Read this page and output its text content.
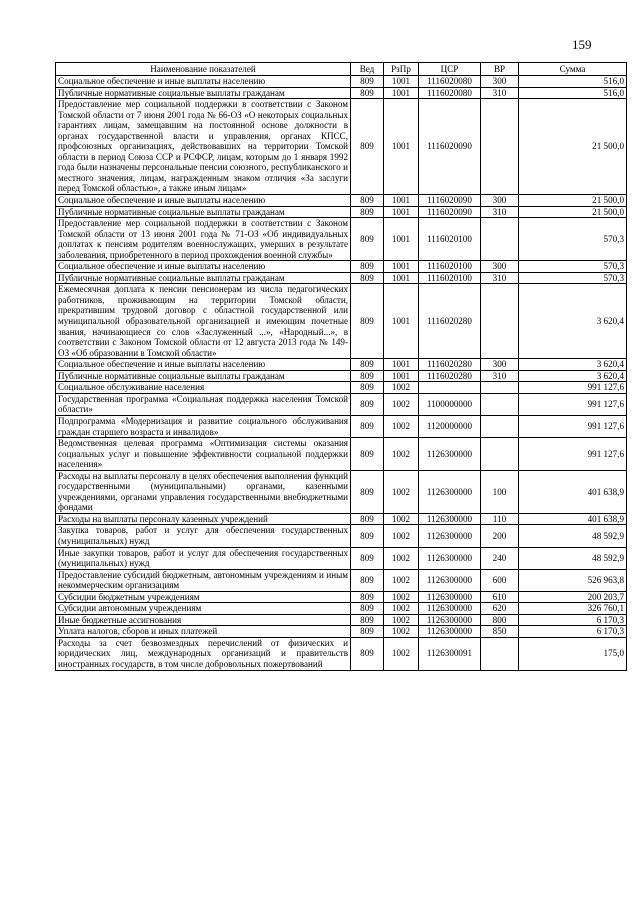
159
Наименование показателей	Вед	РзПр	ЦСР	ВР	Сумма
Социальное обеспечение и иные выплаты населению	809	1001	1116020080	300	516,0
Публичные нормативные социальные выплаты гражданам	809	1001	1116020080	310	516,0
Предоставление мер социальной поддержки в соответствии с Законом Томской области от 7 июня 2001 года № 66-ОЗ «О некоторых социальных гарантиях лицам, замещавшим на постоянной основе должности в органах государственной власти и управления, органах КПСС, профсоюзных организациях, действовавших на территории Томской области в период Союза ССР и РСФСР, лицам, которым до 1 января 1992 года были назначены персональные пенсии союзного, республиканского и местного значения, лицам, награжденным знаком отличия «За заслуги перед Томской областью», а также иным лицам»	809	1001	1116020090		21 500,0
Социальное обеспечение и иные выплаты населению	809	1001	1116020090	300	21 500,0
Публичные нормативные социальные выплаты гражданам	809	1001	1116020090	310	21 500,0
Предоставление мер социальной поддержки в соответствии с Законом Томской области от 13 июня 2001 года № 71-ОЗ «Об индивидуальных доплатах к пенсиям родителям военнослужащих, умерших в результате заболевания, приобретенного в период прохождения военной службы»	809	1001	1116020100		570,3
Социальное обеспечение и иные выплаты населению	809	1001	1116020100	300	570,3
Публичные нормативные социальные выплаты гражданам	809	1001	1116020100	310	570,3
Ежемесячная доплата к пенсии пенсионерам из числа педагогических работников, проживающим на территории Томской области, прекратившим трудовой договор с областной государственной или муниципальной образовательной организацией и имеющим почетные звания, начинающиеся со слов «Заслуженный ...», «Народный...», в соответствии с Законом Томской области от 12 августа 2013 года № 149-ОЗ «Об образовании в Томской области»	809	1001	1116020280		3 620,4
Социальное обеспечение и иные выплаты населению	809	1001	1116020280	300	3 620,4
Публичные нормативные социальные выплаты гражданам	809	1001	1116020280	310	3 620,4
Социальное обслуживание населения	809	1002			991 127,6
Государственная программа «Социальная поддержка населения Томской области»	809	1002	1100000000		991 127,6
Подпрограмма «Модернизация и развитие социального обслуживания граждан старшего возраста и инвалидов»	809	1002	1120000000		991 127,6
Ведомственная целевая программа «Оптимизация системы оказания социальных услуг и повышение эффективности социальной поддержки населения»	809	1002	1126300000		991 127,6
Расходы на выплаты персоналу в целях обеспечения выполнения функций государственными (муниципальными) органами, казенными учреждениями, органами управления государственными внебюджетными фондами	809	1002	1126300000	100	401 638,9
Расходы на выплаты персоналу казенных учреждений	809	1002	1126300000	110	401 638,9
Закупка товаров, работ и услуг для обеспечения государственных (муниципальных) нужд	809	1002	1126300000	200	48 592,9
Иные закупки товаров, работ и услуг для обеспечения государственных (муниципальных) нужд	809	1002	1126300000	240	48 592,9
Предоставление субсидий бюджетным, автономным учреждениям и иным некоммерческим организациям	809	1002	1126300000	600	526 963,8
Субсидии бюджетным учреждениям	809	1002	1126300000	610	200 203,7
Субсидии автономным учреждениям	809	1002	1126300000	620	326 760,1
Иные бюджетные ассигнования	809	1002	1126300000	800	6 170,3
Уплата налогов, сборов и иных платежей	809	1002	1126300000	850	6 170,3
Расходы за счет безвозмездных перечислений от физических и юридических лиц, международных организаций и правительств иностранных государств, в том числе добровольных пожертвований	809	1002	1126300091		175,0
